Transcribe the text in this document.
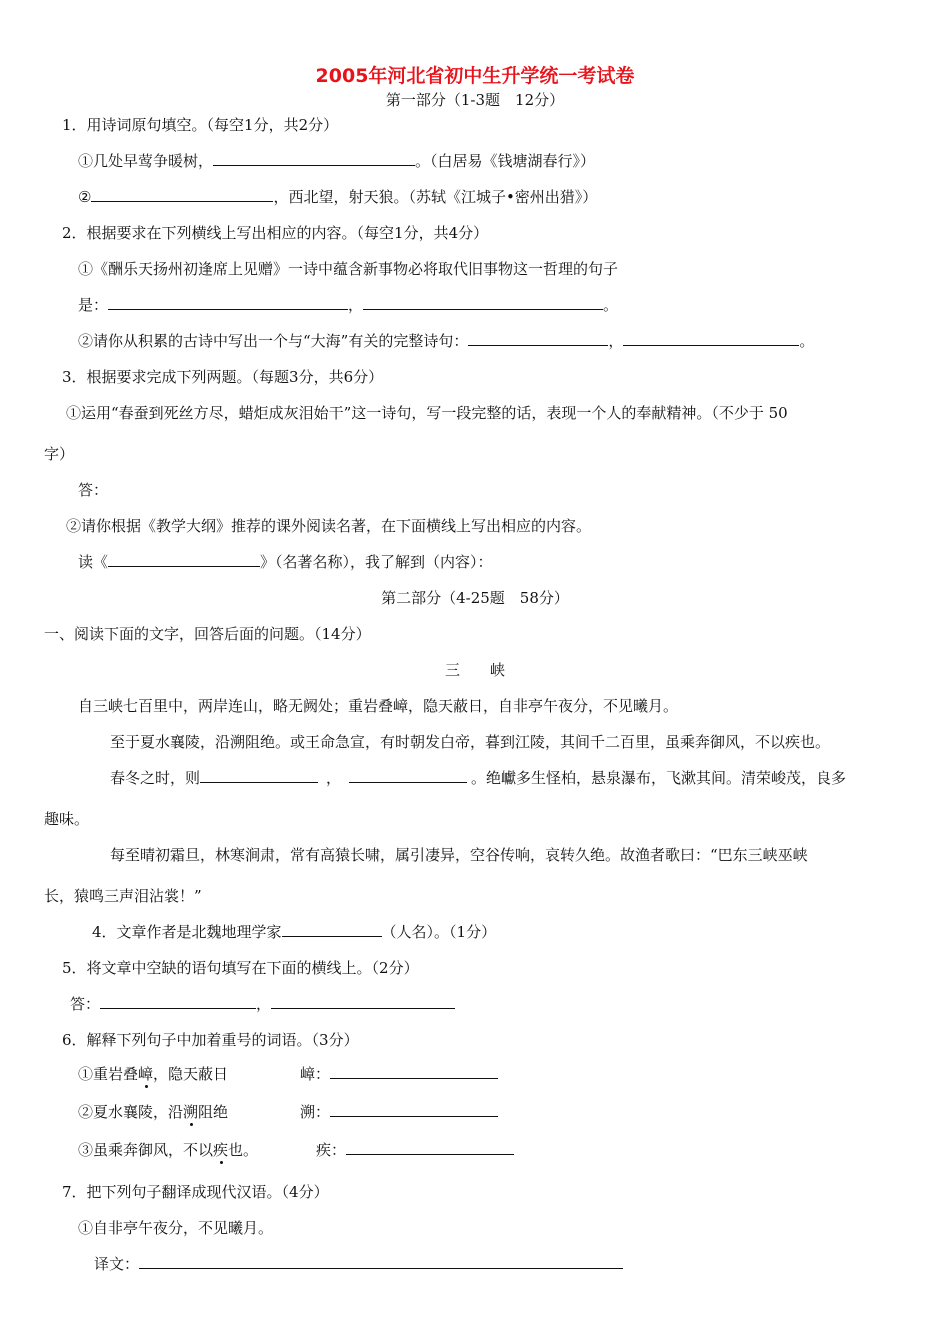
2005年河北省初中生升学统一考试卷
第一部分（1-3题　12分）
1．用诗词原句填空。（每空1分，共2分）
①几处早莺争暖树，	。（白居易《钱塘湖春行》）
②	，西北望，射天狼。（苏轼《江城子•密州出猎》）
2．根据要求在下列横线上写出相应的内容。（每空1分，共4分）
①《酬乐天扬州初逢席上见赠》一诗中蕴含新事物必将取代旧事物这一哲理的句子
是：	，	。
②请你从积累的古诗中写出一个与“大海”有关的完整诗句：	，	。
3．根据要求完成下列两题。（每题3分，共6分）
①运用“春蚕到死丝方尽，蜡炬成灰泪始干”这一诗句，写一段完整的话，表现一个人的奉献精神。（不少于 50
字）
答：
②请你根据《教学大纲》推荐的课外阅读名著，在下面横线上写出相应的内容。
读《	》（名著名称），我了解到（内容）：
第二部分（4-25题　58分）
一、阅读下面的文字，回答后面的问题。（14分）
三　　峡
自三峡七百里中，两岸连山，略无阙处；重岩叠嶂，隐天蔽日，自非亭午夜分，不见曦月。
至于夏水襄陵，沿溯阻绝。或王命急宣，有时朝发白帝，暮到江陵，其间千二百里，虽乘奔御风，不以疾也。
春冬之时，则	，	。绝巘多生怪柏，悬泉瀑布，飞漱其间。清荣峻茂，良多
趣味。
每至晴初霜旦，林寒涧肃，常有高猿长啸，属引凄异，空谷传响，哀转久绝。故渔者歌曰：“巴东三峡巫峡
长，猿鸣三声泪沾裳！”
4．文章作者是北魏地理学家	（人名）。（1分）
5．将文章中空缺的语句填写在下面的横线上。（2分）
答：	，
6．解释下列句子中加着重号的词语。（3分）
①重岩叠嶂，隐天蔽日	嶂：
②夏水襄陵，沿溯阻绝	溯：
③虽乘奔御风，不以疾也。	疾：
7．把下列句子翻译成现代汉语。（4分）
①自非亭午夜分，不见曦月。
译文：
